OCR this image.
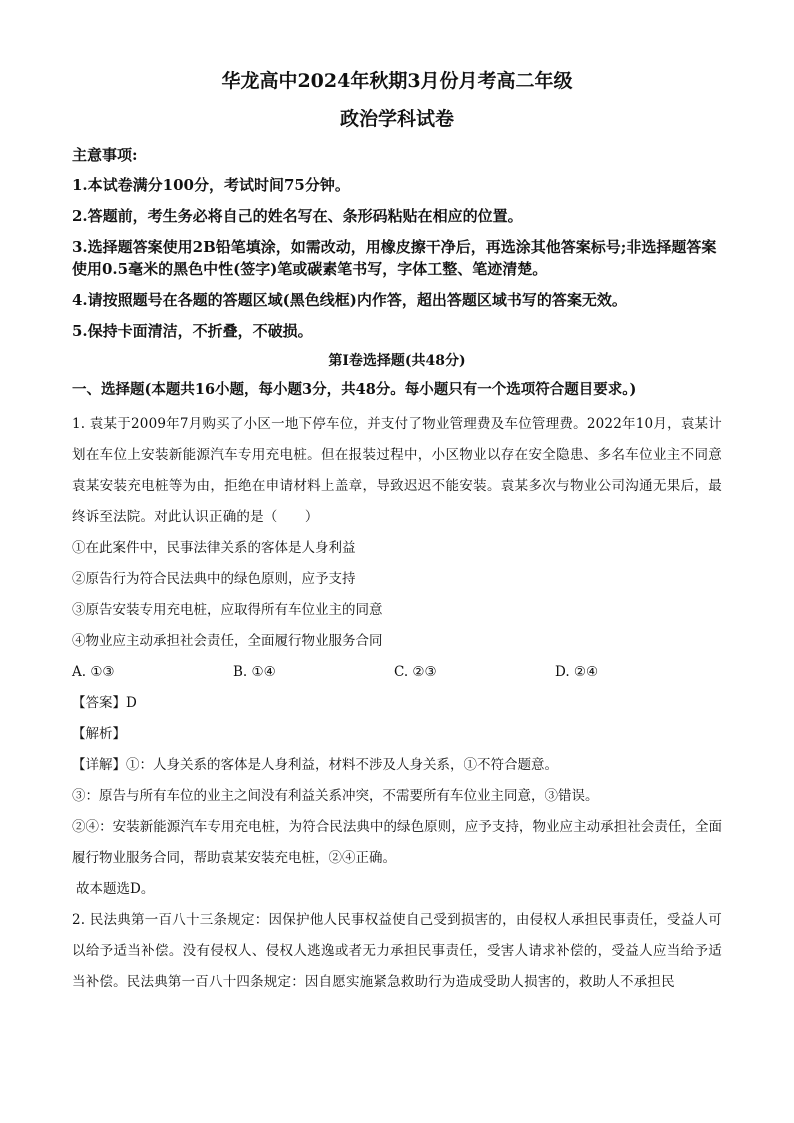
华龙高中2024年秋期3月份月考高二年级
政治学科试卷

主意事项:

1.本试卷满分100分，考试时间75分钟。

2.答题前，考生务必将自己的姓名写在、条形码粘贴在相应的位置。

3.选择题答案使用2B铅笔填涂，如需改动，用橡皮擦干净后，再选涂其他答案标号;非选择题答案使用0.5毫米的黑色中性(签字)笔或碳素笔书写，字体工整、笔迹清楚。

4.请按照题号在各题的答题区域(黑色线框)内作答，超出答题区域书写的答案无效。

5.保持卡面清洁，不折叠，不破损。

第Ⅰ卷选择题(共48分)

一、选择题(本题共16小题，每小题3分，共48分。每小题只有一个选项符合题目要求。)

1. 袁某于2009年7月购买了小区一地下停车位，并支付了物业管理费及车位管理费。2022年10月，袁某计划在车位上安装新能源汽车专用充电桩。但在报装过程中，小区物业以存在安全隐患、多名车位业主不同意袁某安装充电桩等为由，拒绝在申请材料上盖章，导致迟迟不能安装。袁某多次与物业公司沟通无果后，最终诉至法院。对此认识正确的是（　　）

①在此案件中，民事法律关系的客体是人身利益

②原告行为符合民法典中的绿色原则，应予支持

③原告安装专用充电桩，应取得所有车位业主的同意

④物业应主动承担社会责任，全面履行物业服务合同

A. ①③	B. ①④	C. ②③	D. ②④

【答案】D

【解析】

【详解】①：人身关系的客体是人身利益，材料不涉及人身关系，①不符合题意。

③：原告与所有车位的业主之间没有利益关系冲突，不需要所有车位业主同意，③错误。

②④：安装新能源汽车专用充电桩，为符合民法典中的绿色原则，应予支持，物业应主动承担社会责任，全面履行物业服务合同，帮助袁某安装充电桩，②④正确。

故本题选D。

2. 民法典第一百八十三条规定：因保护他人民事权益使自己受到损害的，由侵权人承担民事责任，受益人可以给予适当补偿。没有侵权人、侵权人逃逸或者无力承担民事责任，受害人请求补偿的，受益人应当给予适当补偿。民法典第一百八十四条规定：因自愿实施紧急救助行为造成受助人损害的，救助人不承担民
